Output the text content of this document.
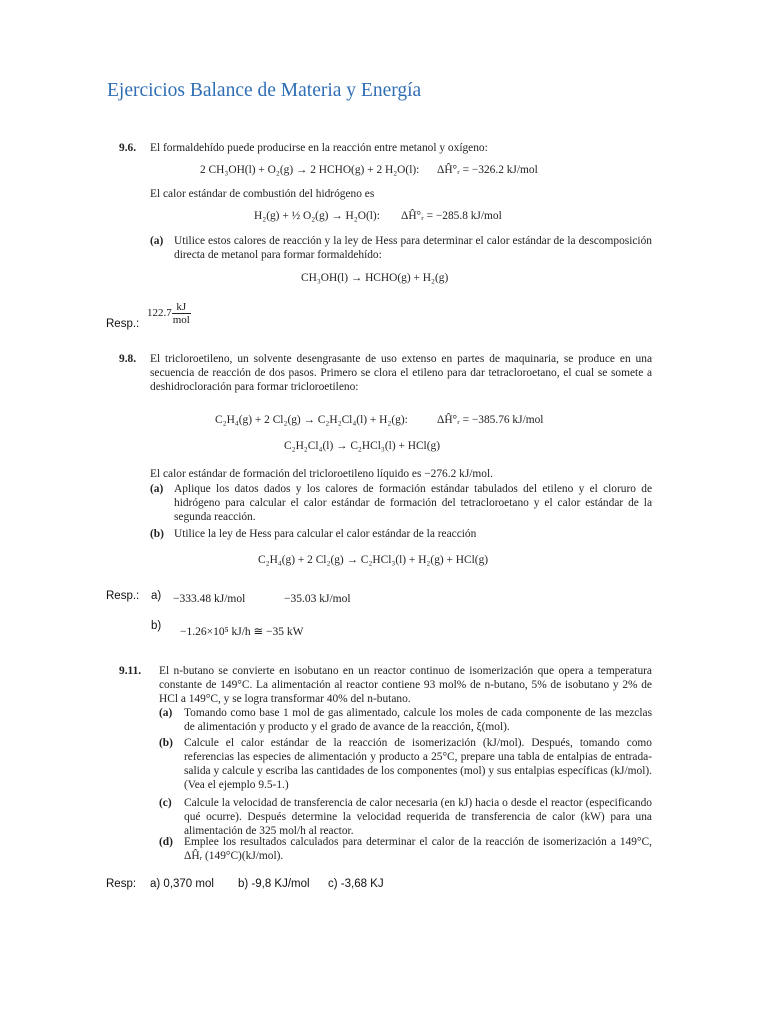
Ejercicios Balance de Materia y Energía
9.6. El formaldehído puede producirse en la reacción entre metanol y oxígeno:
2 CH₃OH(l) + O₂(g) → 2 HCHO(g) + 2 H₂O(l): ΔĤ°ᵣ = −326.2 kJ/mol
El calor estándar de combustión del hidrógeno es
H₂(g) + ½ O₂(g) → H₂O(l): ΔĤ°ᵣ = −285.8 kJ/mol
(a) Utilice estos calores de reacción y la ley de Hess para determinar el calor estándar de la descomposición directa de metanol para formar formaldehído:
CH₃OH(l) → HCHO(g) + H₂(g)
Resp.:
$122.7 \frac{kJ}{\text{mol}}$
9.8. El tricloroetileno, un solvente desengrasante de uso extenso en partes de maquinaria, se produce en una secuencia de reacción de dos pasos. Primero se clora el etileno para dar tetracloroetano, el cual se somete a deshidrocloración para formar tricloroetileno:
C₂H₄(g) + 2 Cl₂(g) → C₂H₂Cl₄(l) + H₂(g):	ΔĤ°ᵣ = −385.76 kJ/mol
C₂H₂Cl₄(l) → C₂HCl₃(l) + HCl(g)
El calor estándar de formación del tricloroetileno líquido es −276.2 kJ/mol.
(a) Aplique los datos dados y los calores de formación estándar tabulados del etileno y el cloruro de hidrógeno para calcular el calor estándar de formación del tetracloroetano y el calor estándar de la segunda reacción.
(b) Utilice la ley de Hess para calcular el calor estándar de la reacción
C₂H₄(g) + 2 Cl₂(g) → C₂HCl₃(l) + H₂(g) + HCl(g)
Resp.: a) −333.48 kJ/mol	−35.03 kJ/mol
b) −1.26×10⁵ kJ/h ≅ −35 kW
9.11. El n-butano se convierte en isobutano en un reactor continuo de isomerización que opera a temperatura constante de 149°C. La alimentación al reactor contiene 93 mol% de n-butano, 5% de isobutano y 2% de HCl a 149°C, y se logra transformar 40% del n-butano.
(a) Tomando como base 1 mol de gas alimentado, calcule los moles de cada componente de las mezclas de alimentación y producto y el grado de avance de la reacción, ξ(mol).
(b) Calcule el calor estándar de la reacción de isomerización (kJ/mol). Después, tomando como referencias las especies de alimentación y producto a 25°C, prepare una tabla de entalpias de entrada-salida y calcule y escriba las cantidades de los componentes (mol) y sus entalpias específicas (kJ/mol). (Vea el ejemplo 9.5-1.)
(c) Calcule la velocidad de transferencia de calor necesaria (en kJ) hacia o desde el reactor (especificando qué ocurre). Después determine la velocidad requerida de transferencia de calor (kW) para una alimentación de 325 mol/h al reactor.
(d) Emplee los resultados calculados para determinar el calor de la reacción de isomerización a 149°C, ΔĤᵣ (149°C)(kJ/mol).
Resp: a) 0,370 mol b) -9,8 KJ/mol c) -3,68 KJ
